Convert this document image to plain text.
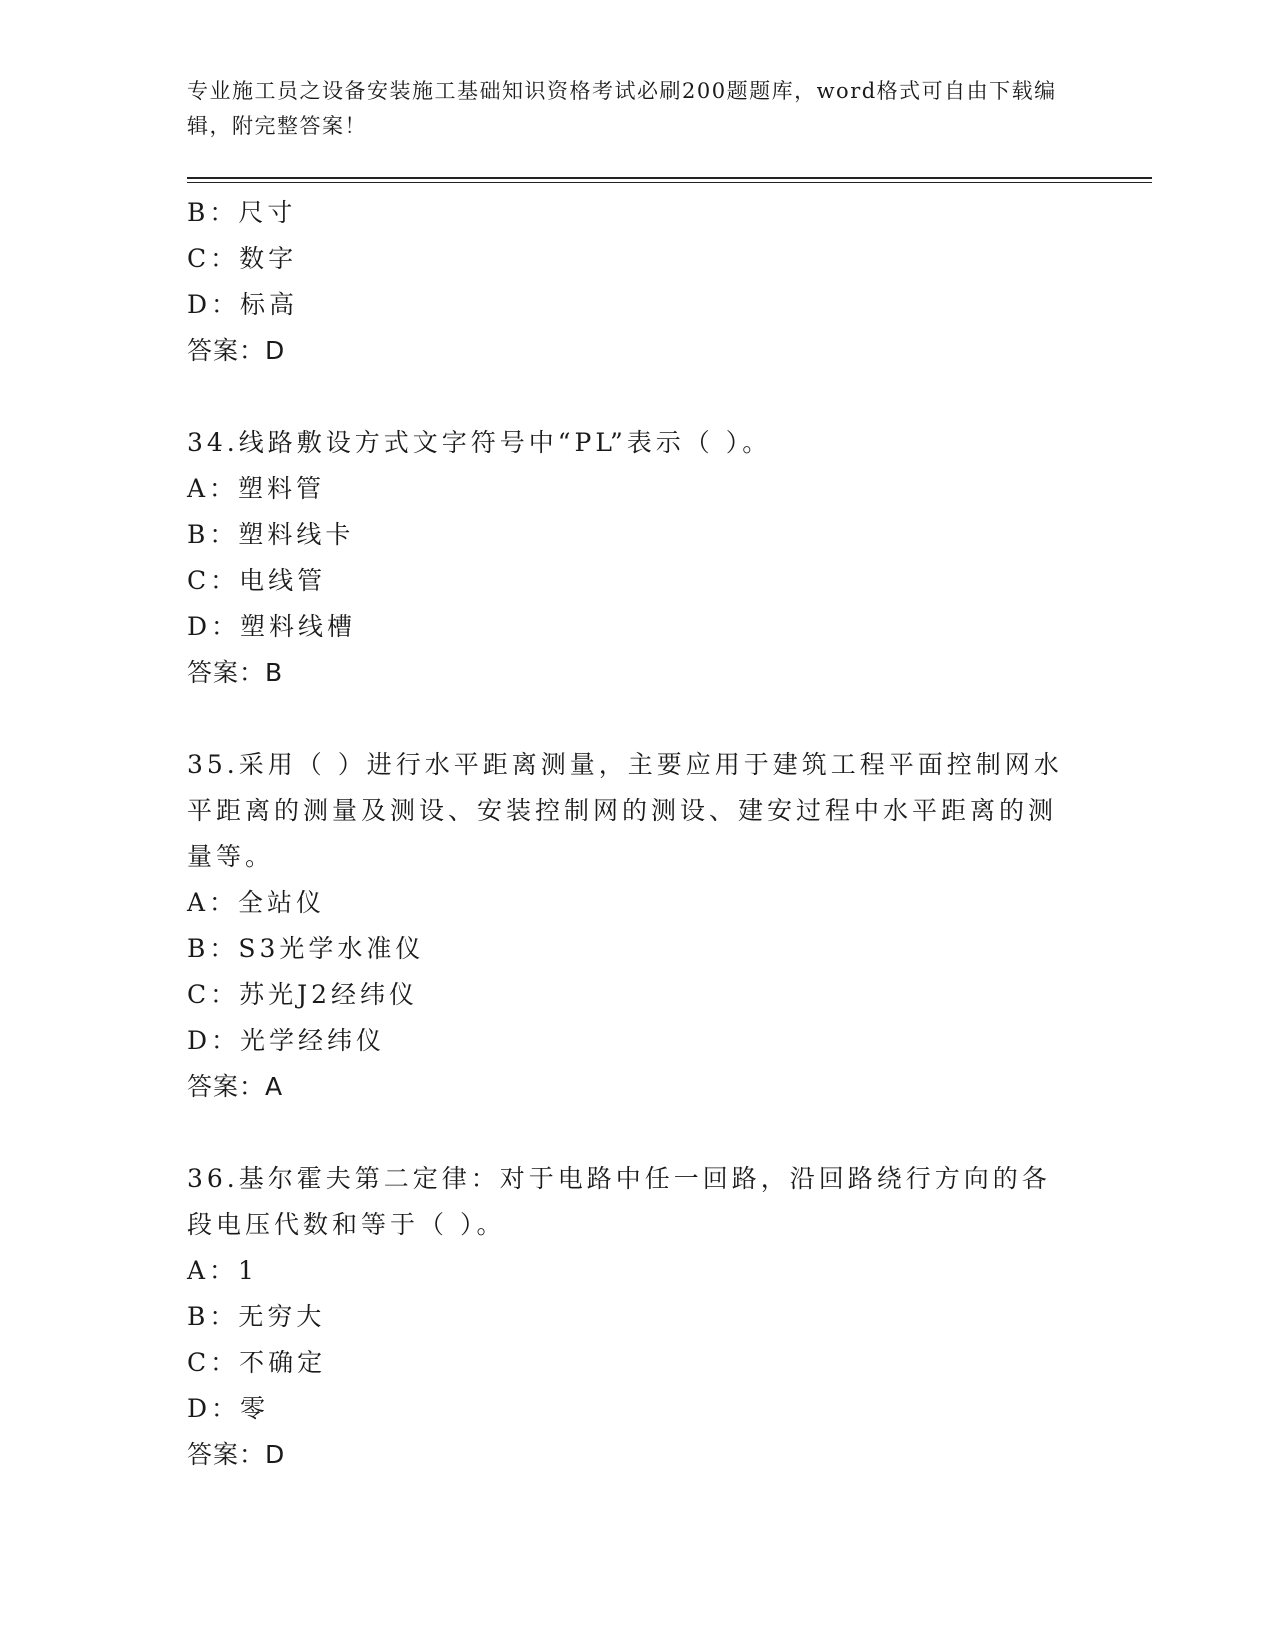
专业施工员之设备安装施工基础知识资格考试必刷200题题库，word格式可自由下载编辑，附完整答案！
B：尺寸
C：数字
D：标高
答案：D
34.线路敷设方式文字符号中“PL”表示（ ）。
A：塑料管
B：塑料线卡
C：电线管
D：塑料线槽
答案：B
35.采用（ ）进行水平距离测量，主要应用于建筑工程平面控制网水平距离的测量及测设、安装控制网的测设、建安过程中水平距离的测量等。
A：全站仪
B：S3光学水准仪
C：苏光J2经纬仪
D：光学经纬仪
答案：A
36.基尔霍夫第二定律：对于电路中任一回路，沿回路绕行方向的各段电压代数和等于（ ）。
A：1
B：无穷大
C：不确定
D：零
答案：D
